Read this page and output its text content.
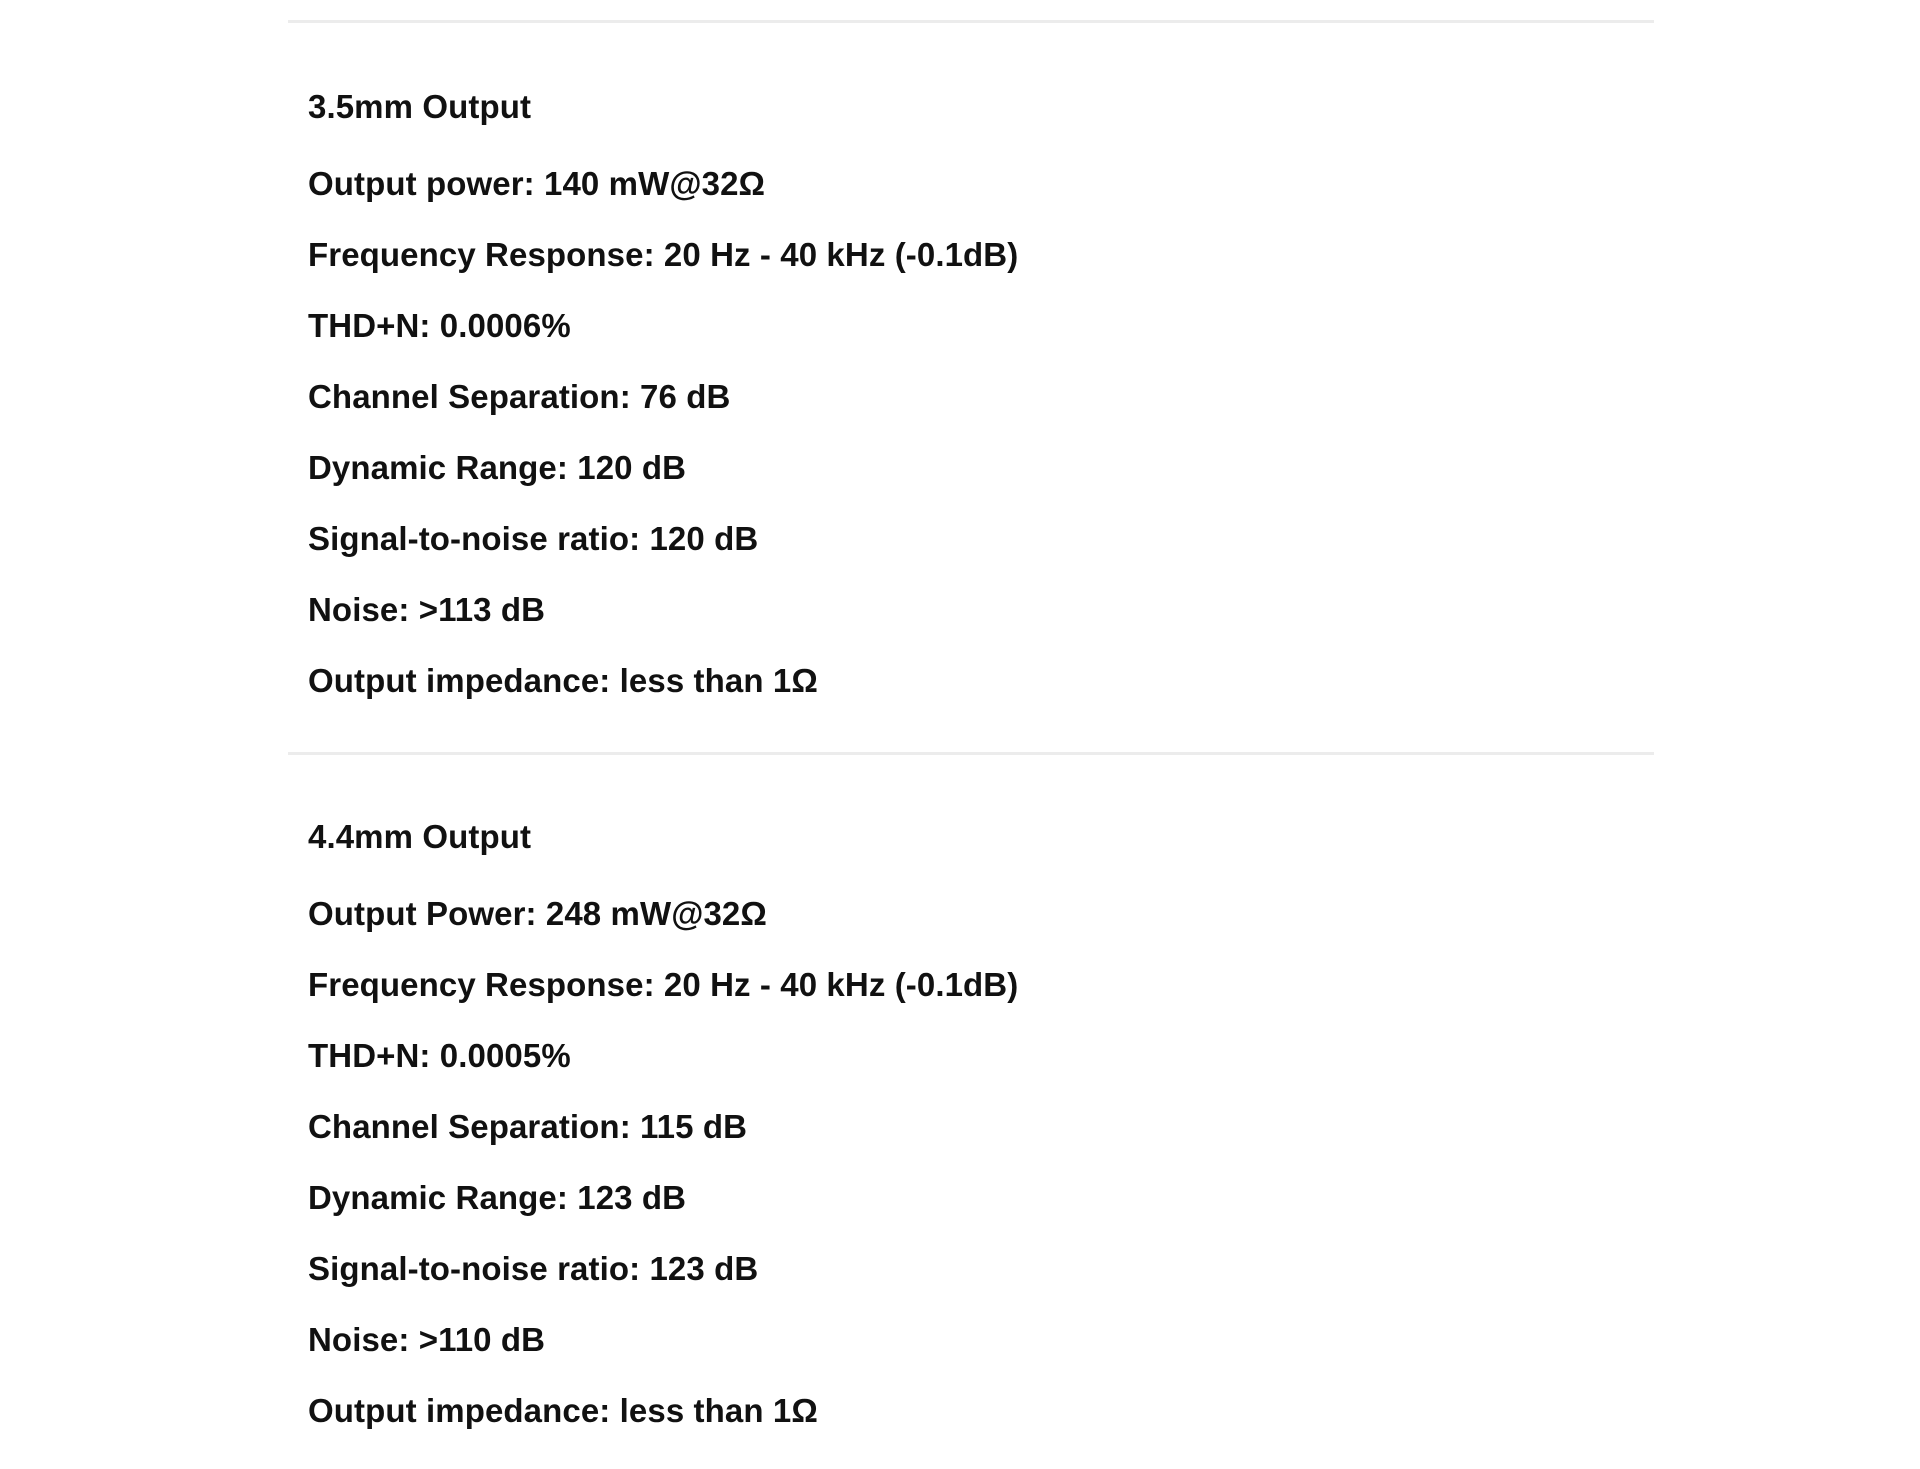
3.5mm Output

Output power: 140 mW@32Ω

Frequency Response: 20 Hz - 40 kHz (-0.1dB)

THD+N: 0.0006%

Channel Separation: 76 dB

Dynamic Range: 120 dB

Signal-to-noise ratio: 120 dB

Noise: >113 dB

Output impedance: less than 1Ω

4.4mm Output

Output Power: 248 mW@32Ω

Frequency Response: 20 Hz - 40 kHz (-0.1dB)

THD+N: 0.0005%

Channel Separation: 115 dB

Dynamic Range: 123 dB

Signal-to-noise ratio: 123 dB

Noise: >110 dB

Output impedance: less than 1Ω
